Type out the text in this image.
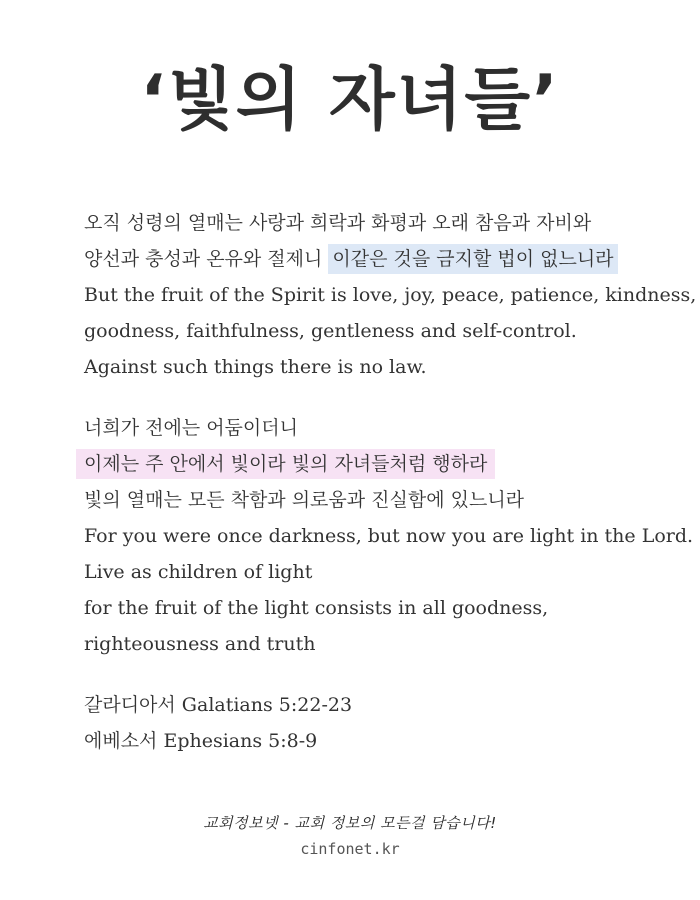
‘빛의 자녀들’
오직 성령의 열매는 사랑과 희락과 화평과 오래 참음과 자비와
양선과 충성과 온유와 절제니 이같은 것을 금지할 법이 없느니라
But the fruit of the Spirit is love, joy, peace, patience, kindness,
goodness, faithfulness, gentleness and self-control.
Against such things there is no law.
너희가 전에는 어둠이더니
이제는 주 안에서 빛이라 빛의 자녀들처럼 행하라
빛의 열매는 모든 착함과 의로움과 진실함에 있느니라
For you were once darkness, but now you are light in the Lord.
Live as children of light
for the fruit of the light consists in all goodness,
righteousness and truth
갈라디아서 Galatians 5:22-23
에베소서 Ephesians 5:8-9
교회정보넷 - 교회 정보의 모든걸 담습니다!
cinfonet.kr
